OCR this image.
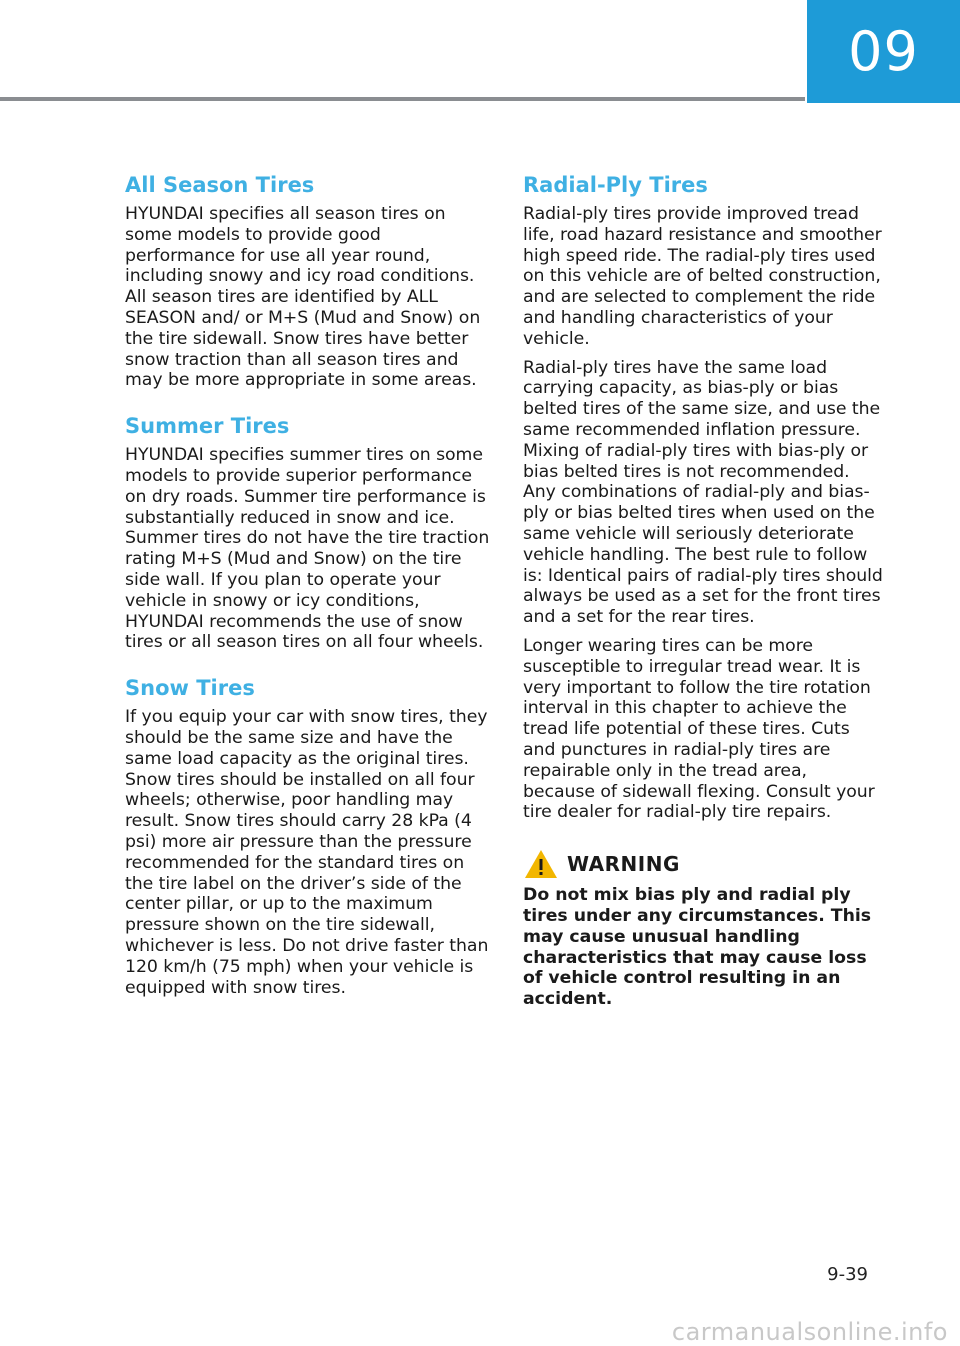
09
All Season Tires

HYUNDAI specifies all season tires on some models to provide good performance for use all year round, including snowy and icy road conditions. All season tires are identified by ALL SEASON and/ or M+S (Mud and Snow) on the tire sidewall. Snow tires have better snow traction than all season tires and may be more appropriate in some areas.

Summer Tires

HYUNDAI specifies summer tires on some models to provide superior performance on dry roads. Summer tire performance is substantially reduced in snow and ice. Summer tires do not have the tire traction rating M+S (Mud and Snow) on the tire side wall. If you plan to operate your vehicle in snowy or icy conditions, HYUNDAI recommends the use of snow tires or all season tires on all four wheels.

Snow Tires

If you equip your car with snow tires, they should be the same size and have the same load capacity as the original tires. Snow tires should be installed on all four wheels; otherwise, poor handling may result. Snow tires should carry 28 kPa (4 psi) more air pressure than the pressure recommended for the standard tires on the tire label on the driver’s side of the center pillar, or up to the maximum pressure shown on the tire sidewall, whichever is less. Do not drive faster than 120 km/h (75 mph) when your vehicle is equipped with snow tires.

Radial-Ply Tires

Radial-ply tires provide improved tread life, road hazard resistance and smoother high speed ride. The radial-ply tires used on this vehicle are of belted construction, and are selected to complement the ride and handling characteristics of your vehicle.

Radial-ply tires have the same load carrying capacity, as bias-ply or bias belted tires of the same size, and use the same recommended inflation pressure. Mixing of radial-ply tires with bias-ply or bias belted tires is not recommended. Any combinations of radial-ply and bias-ply or bias belted tires when used on the same vehicle will seriously deteriorate vehicle handling. The best rule to follow is: Identical pairs of radial-ply tires should always be used as a set for the front tires and a set for the rear tires.

Longer wearing tires can be more susceptible to irregular tread wear. It is very important to follow the tire rotation interval in this chapter to achieve the tread life potential of these tires. Cuts and punctures in radial-ply tires are repairable only in the tread area, because of sidewall flexing. Consult your tire dealer for radial-ply tire repairs.

WARNING

Do not mix bias ply and radial ply tires under any circumstances. This may cause unusual handling characteristics that may cause loss of vehicle control resulting in an accident.

9-39
carmanualsonline.info
